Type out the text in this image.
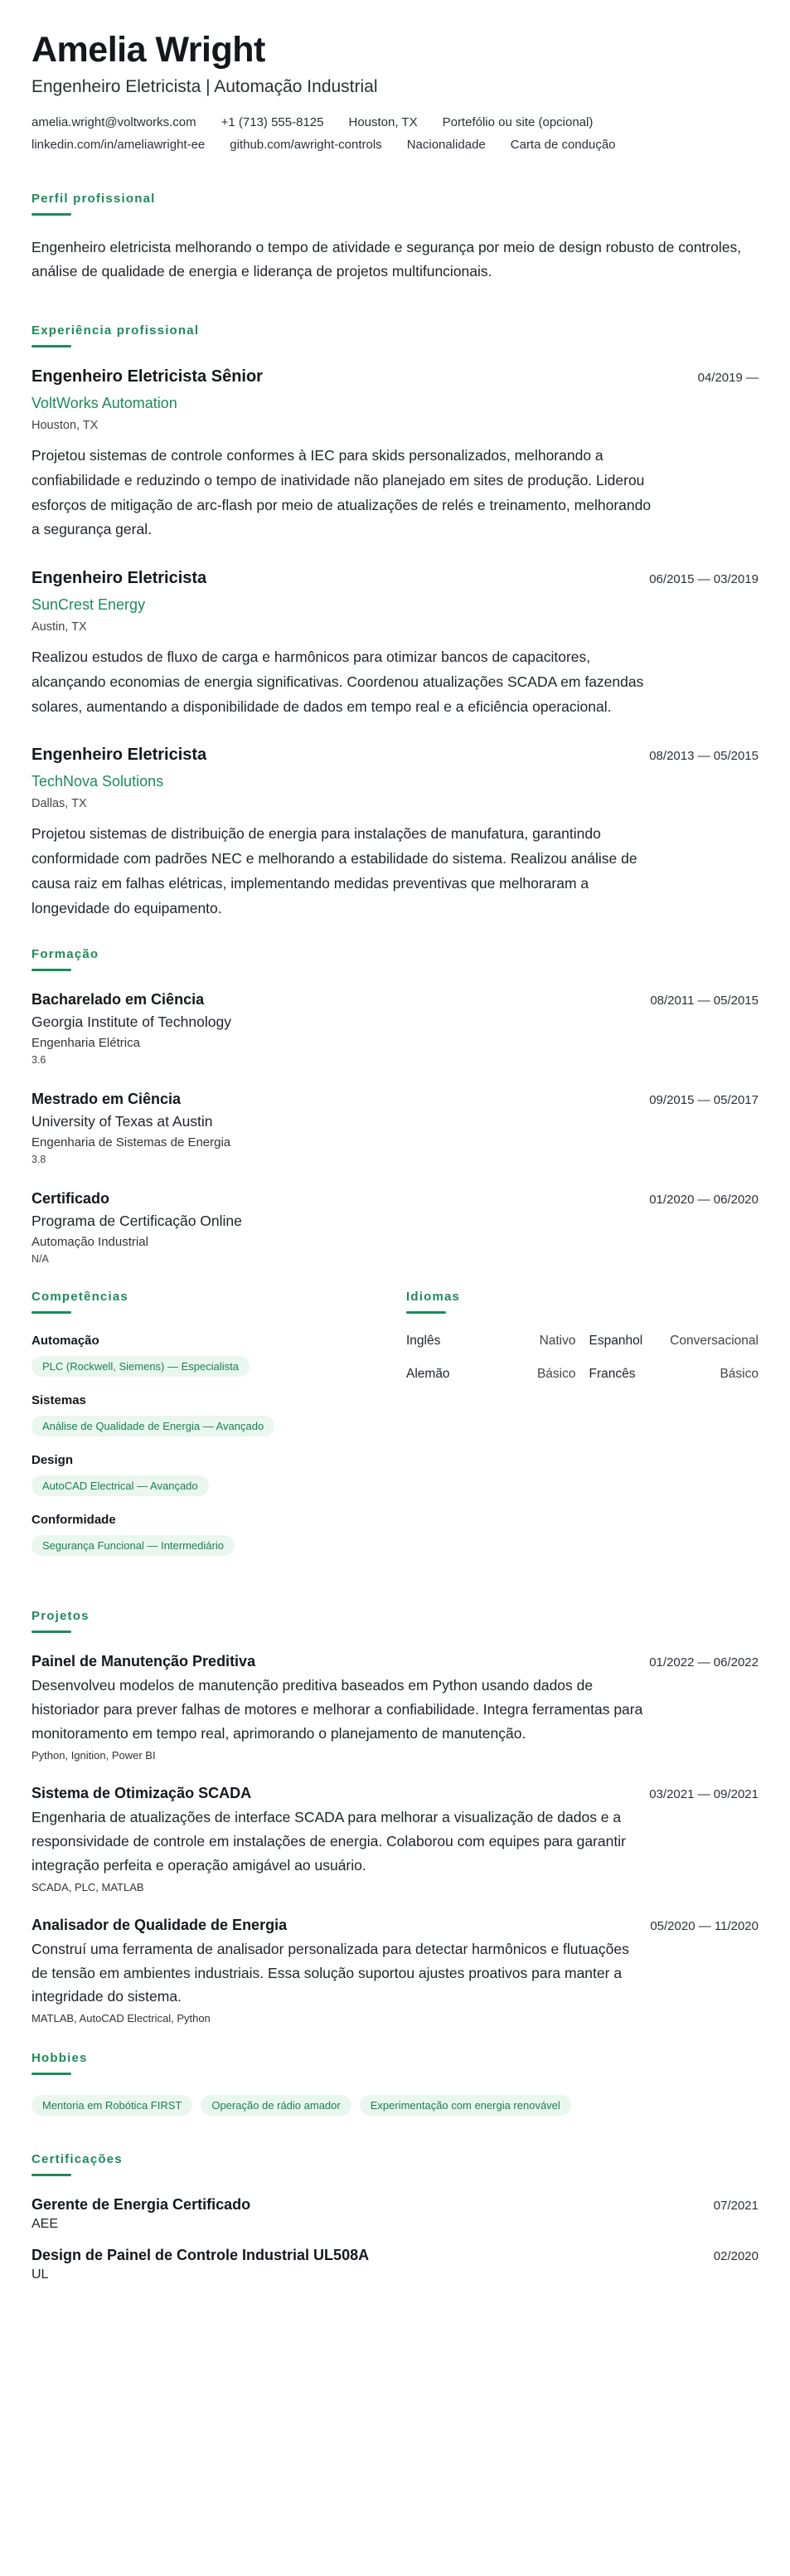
Amelia Wright
Engenheiro Eletricista | Automação Industrial
amelia.wright@voltworks.com +1 (713) 555-8125 Houston, TX Portefólio ou site (opcional)
linkedin.com/in/ameliawright-ee github.com/awright-controls Nacionalidade Carta de condução
Perfil profissional
Engenheiro eletricista melhorando o tempo de atividade e segurança por meio de design robusto de controles, análise de qualidade de energia e liderança de projetos multifuncionais.
Experiência profissional
Engenheiro Eletricista Sênior	04/2019 —
VoltWorks Automation
Houston, TX
Projetou sistemas de controle conformes à IEC para skids personalizados, melhorando a confiabilidade e reduzindo o tempo de inatividade não planejado em sites de produção. Liderou esforços de mitigação de arc-flash por meio de atualizações de relés e treinamento, melhorando a segurança geral.
Engenheiro Eletricista	06/2015 — 03/2019
SunCrest Energy
Austin, TX
Realizou estudos de fluxo de carga e harmônicos para otimizar bancos de capacitores, alcançando economias de energia significativas. Coordenou atualizações SCADA em fazendas solares, aumentando a disponibilidade de dados em tempo real e a eficiência operacional.
Engenheiro Eletricista	08/2013 — 05/2015
TechNova Solutions
Dallas, TX
Projetou sistemas de distribuição de energia para instalações de manufatura, garantindo conformidade com padrões NEC e melhorando a estabilidade do sistema. Realizou análise de causa raiz em falhas elétricas, implementando medidas preventivas que melhoraram a longevidade do equipamento.
Formação
Bacharelado em Ciência	08/2011 — 05/2015
Georgia Institute of Technology
Engenharia Elétrica
3.6
Mestrado em Ciência	09/2015 — 05/2017
University of Texas at Austin
Engenharia de Sistemas de Energia
3.8
Certificado	01/2020 — 06/2020
Programa de Certificação Online
Automação Industrial
N/A
Competências
Automação
PLC (Rockwell, Siemens) — Especialista
Sistemas
Análise de Qualidade de Energia — Avançado
Design
AutoCAD Electrical — Avançado
Conformidade
Segurança Funcional — Intermediário
Idiomas
Inglês	Nativo Espanhol Conversacional
Alemão	Básico Francês	Básico
Projetos
Painel de Manutenção Preditiva	01/2022 — 06/2022
Desenvolveu modelos de manutenção preditiva baseados em Python usando dados de historiador para prever falhas de motores e melhorar a confiabilidade. Integra ferramentas para monitoramento em tempo real, aprimorando o planejamento de manutenção.
Python, Ignition, Power BI
Sistema de Otimização SCADA	03/2021 — 09/2021
Engenharia de atualizações de interface SCADA para melhorar a visualização de dados e a responsividade de controle em instalações de energia. Colaborou com equipes para garantir integração perfeita e operação amigável ao usuário.
SCADA, PLC, MATLAB
Analisador de Qualidade de Energia	05/2020 — 11/2020
Construí uma ferramenta de analisador personalizada para detectar harmônicos e flutuações de tensão em ambientes industriais. Essa solução suportou ajustes proativos para manter a integridade do sistema.
MATLAB, AutoCAD Electrical, Python
Hobbies
Mentoria em Robótica FIRST	Operação de rádio amador	Experimentação com energia renovável
Certificações
Gerente de Energia Certificado	07/2021
AEE
Design de Painel de Controle Industrial UL508A	02/2020
UL
